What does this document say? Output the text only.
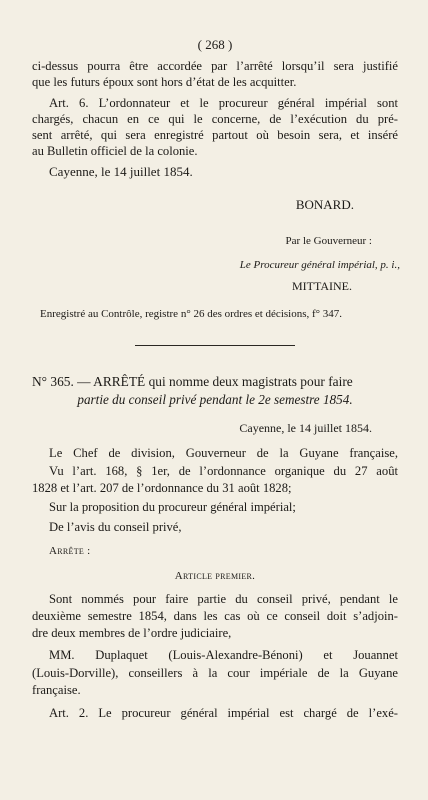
( 268 )
ci-dessus pourra être accordée par l’arrêté lorsqu’il sera justifié
que les futurs époux sont hors d’état de les acquitter.
Art. 6. L’ordonnateur et le procureur général impérial sont
chargés, chacun en ce qui le concerne, de l’exécution du pré-
sent arrêté, qui sera enregistré partout où besoin sera, et inséré
au Bulletin officiel de la colonie.
Cayenne, le 14 juillet 1854.
BONARD.
Par le Gouverneur :
Le Procureur général impérial, p. i.,
MITTAINE.
Enregistré au Contrôle, registre n° 26 des ordres et décisions, f° 347.
N° 365. — ARRÊTÉ qui nomme deux magistrats pour faire
partie du conseil privé pendant le 2e semestre 1854.
Cayenne, le 14 juillet 1854.
Le Chef de division, Gouverneur de la Guyane française,
Vu l’art. 168, § 1er, de l’ordonnance organique du 27 août
1828 et l’art. 207 de l’ordonnance du 31 août 1828;
Sur la proposition du procureur général impérial;
De l’avis du conseil privé,
Arrête :
Article premier.
Sont nommés pour faire partie du conseil privé, pendant le
deuxième semestre 1854, dans les cas où ce conseil doit s’adjoin-
dre deux membres de l’ordre judiciaire,
MM. Duplaquet (Louis-Alexandre-Bénoni) et Jouannet
(Louis-Dorville), conseillers à la cour impériale de la Guyane
française.
Art. 2. Le procureur général impérial est chargé de l’exé-
